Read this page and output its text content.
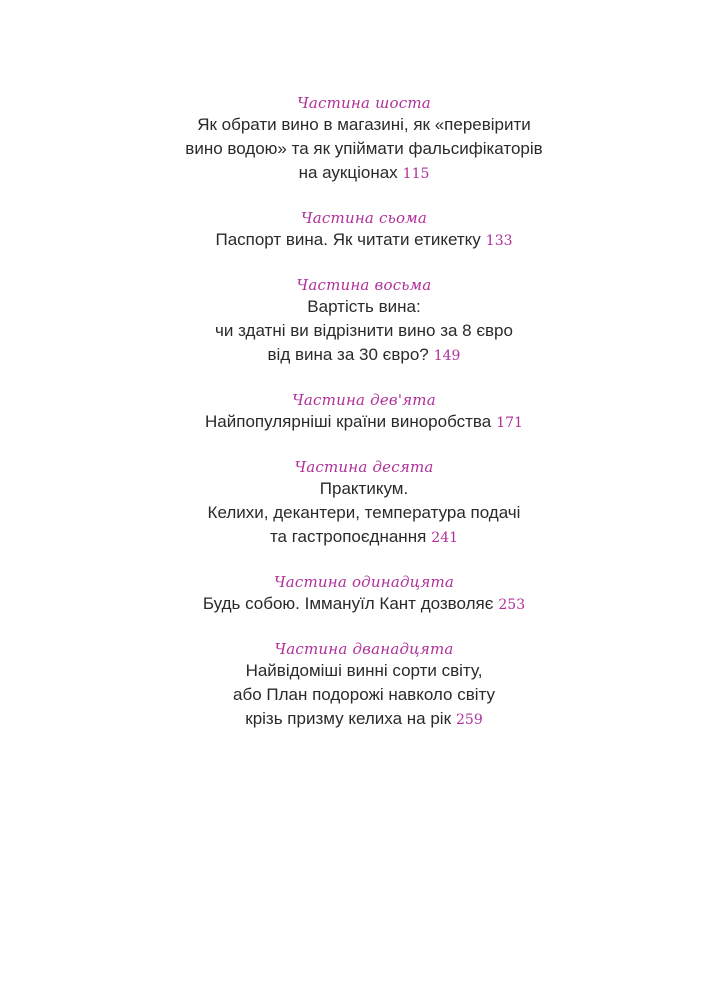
Частина шоста
Як обрати вино в магазині, як «перевірити
вино водою» та як упіймати фальсифікаторів
на аукціонах 115
Частина сьома
Паспорт вина. Як читати етикетку 133
Частина восьма
Вартість вина:
чи здатні ви відрізнити вино за 8 євро
від вина за 30 євро? 149
Частина дев'ята
Найпопулярніші країни виноробства 171
Частина десята
Практикум.
Келихи, декантери, температура подачі
та гастропоєднання 241
Частина одинадцята
Будь собою. Іммануїл Кант дозволяє 253
Частина дванадцята
Найвідоміші винні сорти світу,
або План подорожі навколо світу
крізь призму келиха на рік 259
